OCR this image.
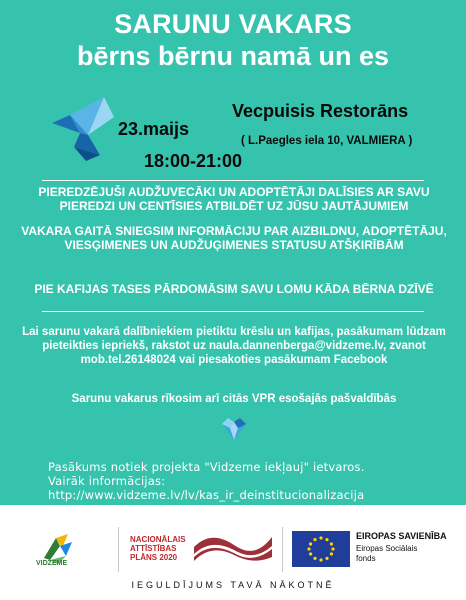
SARUNU VAKARS
bērns bērnu namā un es
Vecpuisis Restorāns
23.maijs
( L.Paegles iela 10, VALMIERA )
18:00-21:00
PIEREDZĒJUŠI AUDŽUVECĀKI UN ADOPTĒTĀJI DALĪSIES AR SAVU PIEREDZI UN CENTĪSIES ATBILDĒT UZ JŪSU JAUTĀJUMIEM
VAKARA GAITĀ SNIEGSIM INFORMĀCIJU PAR AIZBILDNU, ADOPTĒTĀJU, VIESĢIMENES UN AUDŽUĢIMENES STATUSU ATŠĶIRĪBĀM
PIE KAFIJAS TASES PĀRDOMĀSIM SAVU LOMU KĀDA BĒRNA DZĪVĒ
Lai sarunu vakarā dalībniekiem pietiktu krēslu un kafijas, pasākumam lūdzam pieteikties iepriekš, rakstot uz naula.dannenberga@vidzeme.lv, zvanot mob.tel.26148024 vai piesakoties pasākumam Facebook
Sarunu vakarus rīkosim arī citās VPR esošajās pašvaldībās
Pasākums notiek projekta "Vidzeme iekļauj" ietvaros.
Vairāk informācijas:
http://www.vidzeme.lv/lv/kas_ir_deinstitucionalizacija
VIDZEME
NACIONĀLAIS
ATTĪSTĪBAS
PLĀNS 2020
EIROPAS SAVIENĪBA
Eiropas Sociālais
fonds
IEGULDĪJUMS TAVĀ NĀKOTNĒ
